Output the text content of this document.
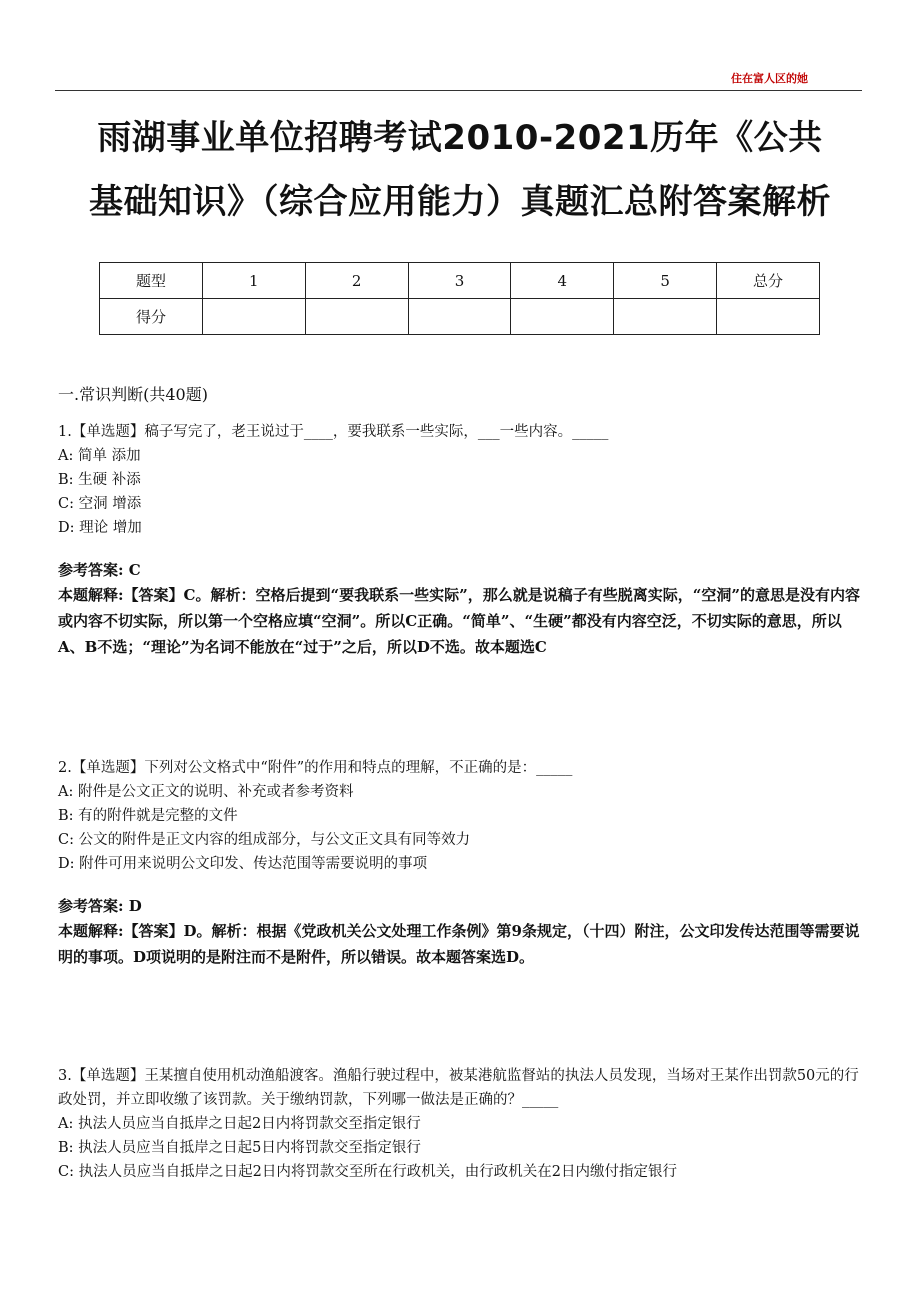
住在富人区的她
雨湖事业单位招聘考试2010-2021历年《公共
基础知识》（综合应用能力）真题汇总附答案解析
题型	1	2	3	4	5	总分
得分						
一.常识判断(共40题)

1.【单选题】稿子写完了，老王说过于____，要我联系一些实际，___一些内容。_____

A: 简单 添加

B: 生硬 补添

C: 空洞 增添

D: 理论 增加

参考答案: C
本题解释:【答案】C。解析：空格后提到“要我联系一些实际”，那么就是说稿子有些脱离实际，“空洞”的意思是没有内容或内容不切实际，所以第一个空格应填“空洞”。所以C正确。“简单”、“生硬”都没有内容空泛，不切实际的意思，所以A、B不选；“理论”为名词不能放在“过于”之后，所以D不选。故本题选C

2.【单选题】下列对公文格式中“附件”的作用和特点的理解，不正确的是：_____

A: 附件是公文正文的说明、补充或者参考资料

B: 有的附件就是完整的文件

C: 公文的附件是正文内容的组成部分，与公文正文具有同等效力

D: 附件可用来说明公文印发、传达范围等需要说明的事项

参考答案: D
本题解释:【答案】D。解析：根据《党政机关公文处理工作条例》第9条规定，（十四）附注，公文印发传达范围等需要说明的事项。D项说明的是附注而不是附件，所以错误。故本题答案选D。

3.【单选题】王某擅自使用机动渔船渡客。渔船行驶过程中，被某港航监督站的执法人员发现，当场对王某作出罚款50元的行政处罚，并立即收缴了该罚款。关于缴纳罚款，下列哪一做法是正确的？_____

A: 执法人员应当自抵岸之日起2日内将罚款交至指定银行

B: 执法人员应当自抵岸之日起5日内将罚款交至指定银行

C: 执法人员应当自抵岸之日起2日内将罚款交至所在行政机关，由行政机关在2日内缴付指定银行
